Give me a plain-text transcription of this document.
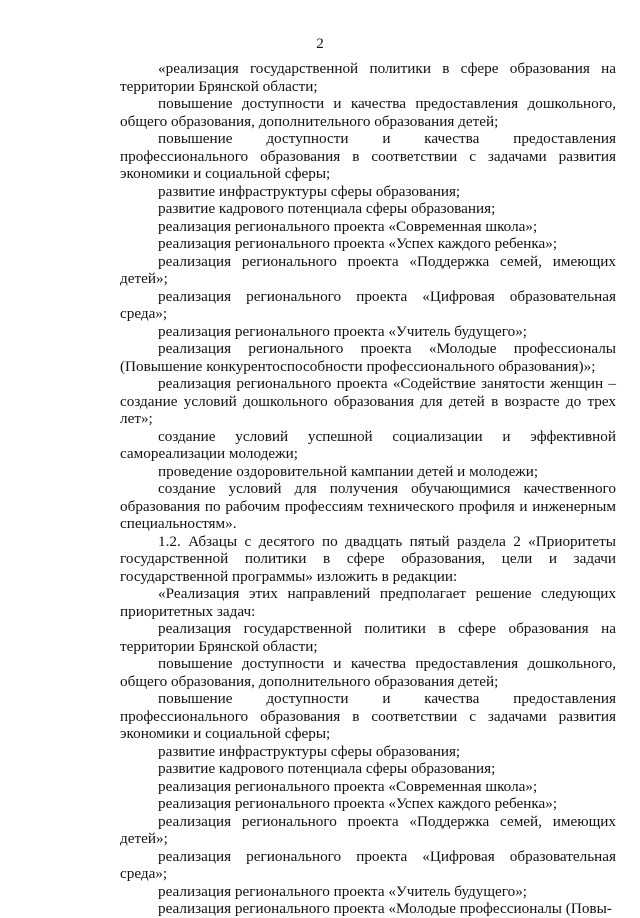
2

«реализация государственной политики в сфере образования на территории Брянской области;

повышение доступности и качества предоставления дошкольного, общего образования, дополнительного образования детей;

повышение доступности и качества предоставления профессионального образования в соответствии с задачами развития экономики и социальной сферы;

развитие инфраструктуры сферы образования;

развитие кадрового потенциала сферы образования;

реализация регионального проекта «Современная школа»;

реализация регионального проекта «Успех каждого ребенка»;

реализация регионального проекта «Поддержка семей, имеющих детей»;

реализация регионального проекта «Цифровая образовательная среда»;

реализация регионального проекта «Учитель будущего»;

реализация регионального проекта «Молодые профессионалы (Повышение конкурентоспособности профессионального образования)»;

реализация регионального проекта «Содействие занятости женщин – создание условий дошкольного образования для детей в возрасте до трех лет»;

создание условий успешной социализации и эффективной самореализации молодежи;

проведение оздоровительной кампании детей и молодежи;

создание условий для получения обучающимися качественного образования по рабочим профессиям технического профиля и инженерным специальностям».

1.2. Абзацы с десятого по двадцать пятый раздела 2 «Приоритеты государственной политики в сфере образования, цели и задачи государственной программы» изложить в редакции:

«Реализация этих направлений предполагает решение следующих приоритетных задач:

реализация государственной политики в сфере образования на территории Брянской области;

повышение доступности и качества предоставления дошкольного, общего образования, дополнительного образования детей;

повышение доступности и качества предоставления профессионального образования в соответствии с задачами развития экономики и социальной сферы;

развитие инфраструктуры сферы образования;

развитие кадрового потенциала сферы образования;

реализация регионального проекта «Современная школа»;

реализация регионального проекта «Успех каждого ребенка»;

реализация регионального проекта «Поддержка семей, имеющих детей»;

реализация регионального проекта «Цифровая образовательная среда»;

реализация регионального проекта «Учитель будущего»;

реализация регионального проекта «Молодые профессионалы (Повы-
